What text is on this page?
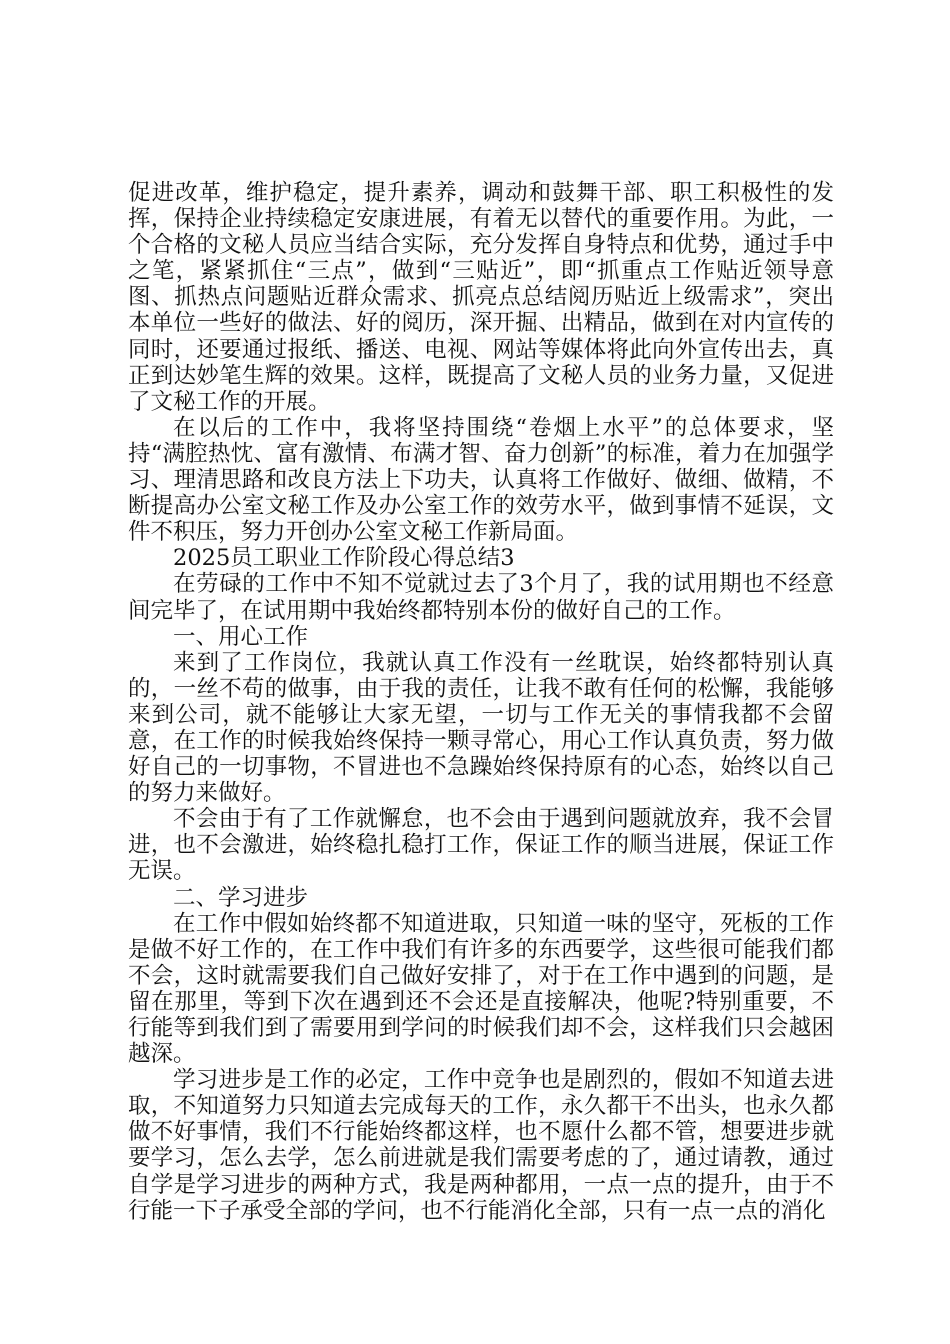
促进改革，维护稳定，提升素养，调动和鼓舞干部、职工积极性的发挥，保持企业持续稳定安康进展，有着无以替代的重要作用。为此，一个合格的文秘人员应当结合实际，充分发挥自身特点和优势，通过手中之笔，紧紧抓住“三点”，做到“三贴近”，即“抓重点工作贴近领导意图、抓热点问题贴近群众需求、抓亮点总结阅历贴近上级需求”，突出本单位一些好的做法、好的阅历，深开掘、出精品，做到在对内宣传的同时，还要通过报纸、播送、电视、网站等媒体将此向外宣传出去，真正到达妙笔生辉的效果。这样，既提高了文秘人员的业务力量，又促进了文秘工作的开展。

在以后的工作中，我将坚持围绕“卷烟上水平”的总体要求，坚持“满腔热忱、富有激情、布满才智、奋力创新”的标准，着力在加强学习、理清思路和改良方法上下功夫，认真将工作做好、做细、做精，不断提高办公室文秘工作及办公室工作的效劳水平，做到事情不延误，文件不积压，努力开创办公室文秘工作新局面。

2025员工职业工作阶段心得总结3

在劳碌的工作中不知不觉就过去了3个月了，我的试用期也不经意间完毕了，在试用期中我始终都特别本份的做好自己的工作。

一、用心工作

来到了工作岗位，我就认真工作没有一丝耽误，始终都特别认真的，一丝不苟的做事，由于我的责任，让我不敢有任何的松懈，我能够来到公司，就不能够让大家无望，一切与工作无关的事情我都不会留意，在工作的时候我始终保持一颗寻常心，用心工作认真负责，努力做好自己的一切事物，不冒进也不急躁始终保持原有的心态，始终以自己的努力来做好。

不会由于有了工作就懈怠，也不会由于遇到问题就放弃，我不会冒进，也不会激进，始终稳扎稳打工作，保证工作的顺当进展，保证工作无误。

二、学习进步

在工作中假如始终都不知道进取，只知道一味的坚守，死板的工作是做不好工作的，在工作中我们有许多的东西要学，这些很可能我们都不会，这时就需要我们自己做好安排了，对于在工作中遇到的问题，是留在那里，等到下次在遇到还不会还是直接解决，他呢?特别重要，不行能等到我们到了需要用到学问的时候我们却不会，这样我们只会越困越深。

学习进步是工作的必定，工作中竞争也是剧烈的，假如不知道去进取，不知道努力只知道去完成每天的工作，永久都干不出头，也永久都做不好事情，我们不行能始终都这样，也不愿什么都不管，想要进步就要学习，怎么去学，怎么前进就是我们需要考虑的了，通过请教，通过自学是学习进步的两种方式，我是两种都用，一点一点的提升，由于不行能一下子承受全部的学问，也不行能消化全部，只有一点一点的消化
